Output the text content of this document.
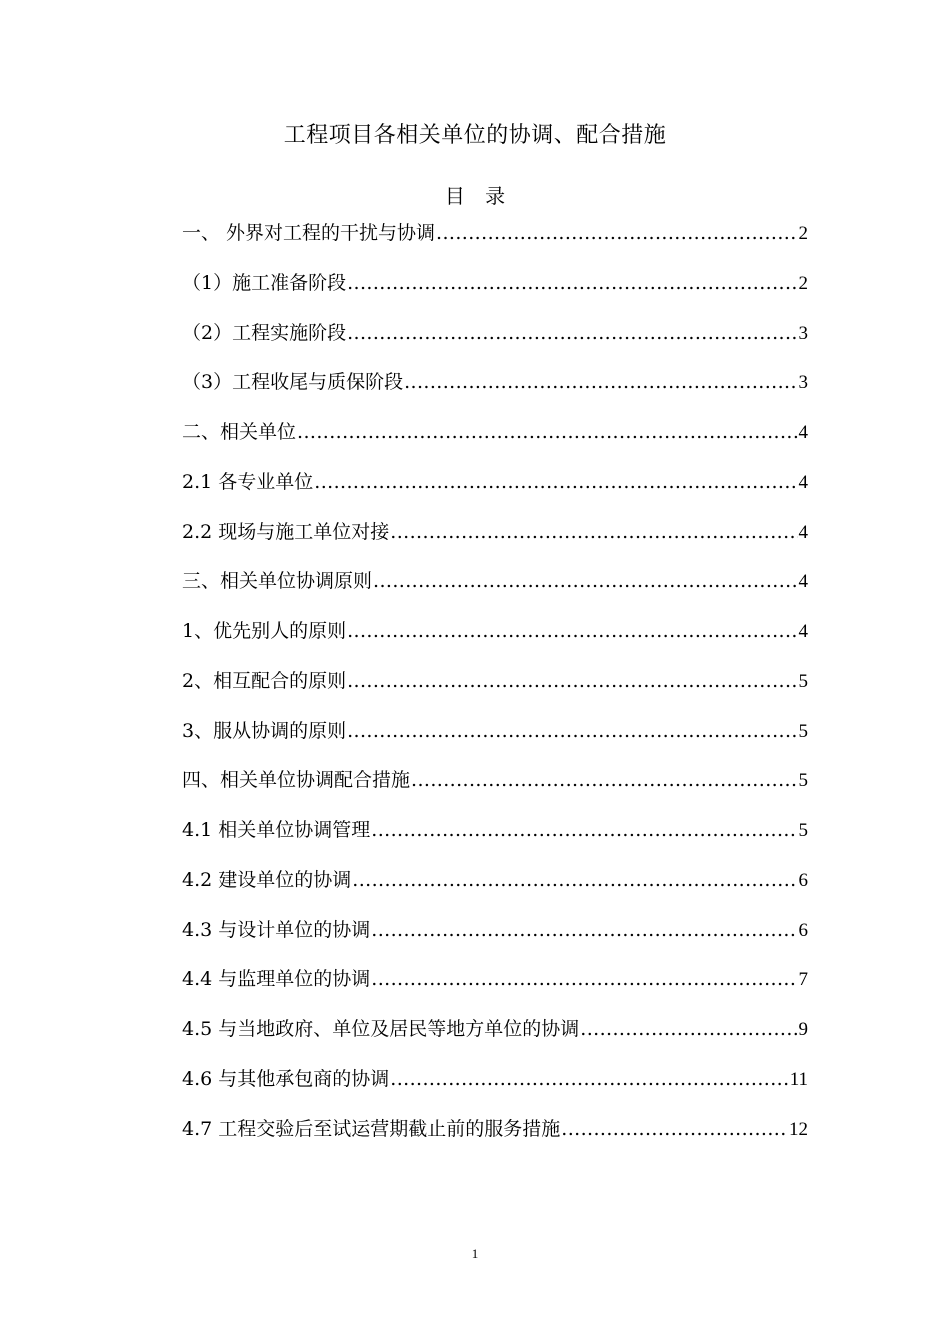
工程项目各相关单位的协调、配合措施
目 录
一、 外界对工程的干扰与协调 .....	2
（1）施工准备阶段 .....	2
（2）工程实施阶段 .....	3
（3）工程收尾与质保阶段 .....	3
二、相关单位 .....	4
2.1 各专业单位 .....	4
2.2 现场与施工单位对接 .....	4
三、相关单位协调原则 .....	4
1、优先别人的原则 .....	4
2、相互配合的原则 .....	5
3、服从协调的原则 .....	5
四、相关单位协调配合措施 .....	5
4.1 相关单位协调管理 .....	5
4.2 建设单位的协调 .....	6
4.3 与设计单位的协调 .....	6
4.4 与监理单位的协调 .....	7
4.5 与当地政府、单位及居民等地方单位的协调 .....	9
4.6 与其他承包商的协调 .....	11
4.7 工程交验后至试运营期截止前的服务措施 .....	12
1
